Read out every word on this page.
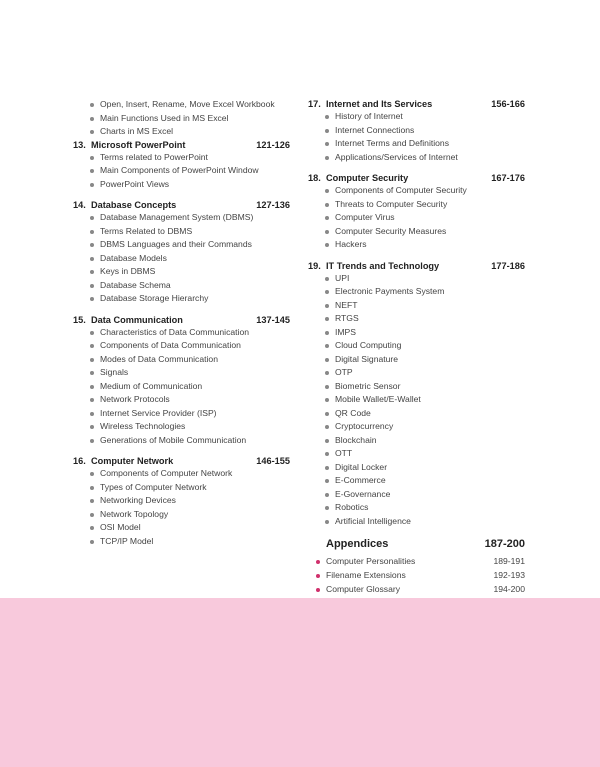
Open, Insert, Rename, Move Excel Workbook
Main Functions Used in MS Excel
Charts in MS Excel
13. Microsoft PowerPoint	121-126
Terms related to PowerPoint
Main Components of PowerPoint Window
PowerPoint Views
14. Database Concepts	127-136
Database Management System (DBMS)
Terms Related to DBMS
DBMS Languages and their Commands
Database Models
Keys in DBMS
Database Schema
Database Storage Hierarchy
15. Data Communication	137-145
Characteristics of Data Communication
Components of Data Communication
Modes of Data Communication
Signals
Medium of Communication
Network Protocols
Internet Service Provider (ISP)
Wireless Technologies
Generations of Mobile Communication
16. Computer Network	146-155
Components of Computer Network
Types of Computer Network
Networking Devices
Network Topology
OSI Model
TCP/IP Model
17. Internet and Its Services	156-166
History of Internet
Internet Connections
Internet Terms and Definitions
Applications/Services of Internet
18. Computer Security	167-176
Components of Computer Security
Threats to Computer Security
Computer Virus
Computer Security Measures
Hackers
19. IT Trends and Technology	177-186
UPI
Electronic Payments System
NEFT
RTGS
IMPS
Cloud Computing
Digital Signature
OTP
Biometric Sensor
Mobile Wallet/E-Wallet
QR Code
Cryptocurrency
Blockchain
OTT
Digital Locker
E-Commerce
E-Governance
Robotics
Artificial Intelligence
Appendices	187-200
Computer Personalities	189-191
Filename Extensions	192-193
Computer Glossary	194-200
